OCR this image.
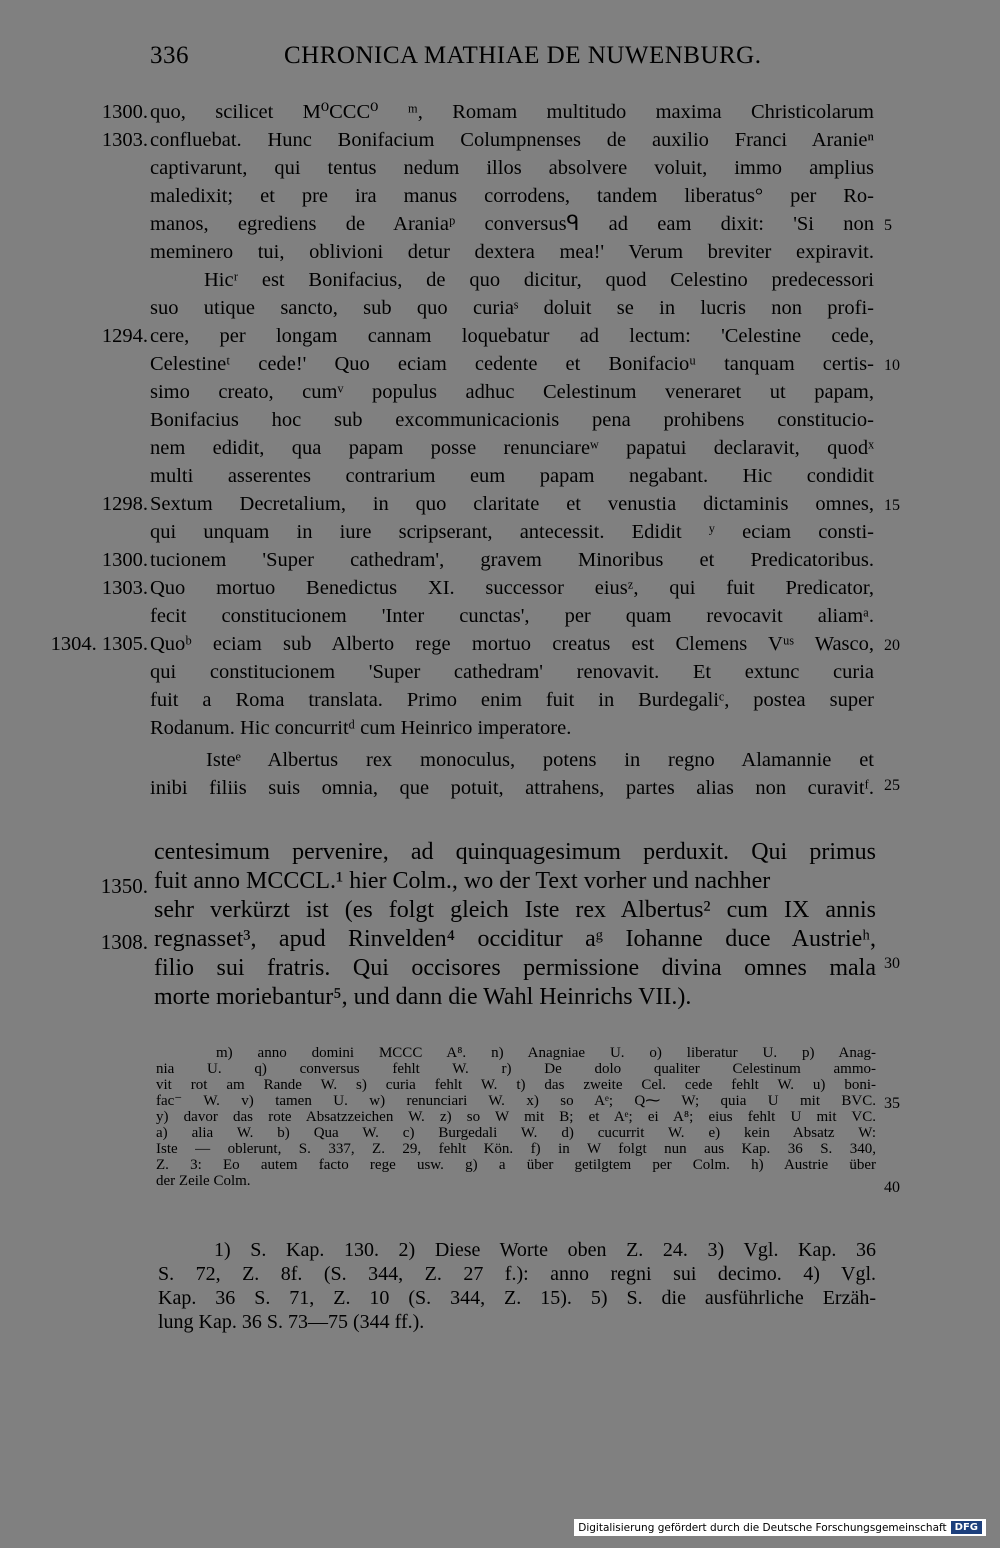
336	CHRONICA MATHIAE DE NUWENBURG.
quo, scilicet M⁰CCC⁰ ᵐ, Romam multitudo maxima Christicolarum
confluebat. Hunc Bonifacium Columpnenses de auxilio Franci Araniеⁿ
captivarunt, qui tentus nedum illos absolvere voluit, immo amplius
maledixit; et pre ira manus corrodens, tandem liberatus° per Ro-
manos, egrediens de Araniaᵖ conversusᑫ ad eam dixit: 'Si non
meminero tui, oblivioni detur dextera mea!' Verum breviter expiravit.
Hicʳ est Bonifacius, de quo dicitur, quod Celestino predecessori
suo utique sancto, sub quo curiaˢ doluit se in lucris non profi-
cere, per longam cannam loquebatur ad lectum: 'Celestine cede,
Celestineᵗ cede!' Quo eciam cedente et Bonifacioᵘ tanquam certis-
simo creato, cumᵛ populus adhuc Celestinum veneraret ut papam,
Bonifacius hoc sub excommunicacionis pena prohibens constitucio-
nem edidit, qua papam posse renunciareʷ papatui declaravit, quodˣ
multi asserentes contrarium eum papam negabant. Hic condidit
Sextum Decretalium, in quo claritate et venustia dictaminis omnes,
qui unquam in iure scripserant, antecessit. Edidit ʸ eciam consti-
tucionem 'Super cathedram', gravem Minoribus et Predicatoribus.
Quo mortuo Benedictus XI. successor eiusᶻ, qui fuit Predicator,
fecit constitucionem 'Inter cunctas', per quam revocavit aliamᵃ.
Quoᵇ eciam sub Alberto rege mortuo creatus est Clemens Vᵘˢ Wasco,
qui constitucionem 'Super cathedram' renovavit. Et extunc curia
fuit a Roma translata. Primo enim fuit in Burdegaliᶜ, postea super
Rodanum. Hic concurritᵈ cum Heinrico imperatore.
Isteᵉ Albertus rex monoculus, potens in regno Alamannie et
inibi filiis suis omnia, que potuit, attrahens, partes alias non curavitᶠ.
1300.
1303.
1294.
1298.
1300.
1303.
1304. 1305.
1350.
1308.
5
10
15
20
25
30
35
40
centesimum pervenire, ad quinquagesimum perduxit. Qui primus
fuit anno MCCCL.¹ hier Colm., wo der Text vorher und nachher
sehr verkürzt ist (es folgt gleich Iste rex Albertus² cum IX annis
regnasset³, apud Rinvelden⁴ occiditur aᵍ Iohanne duce Austrieʰ,
filio sui fratris. Qui occisores permissione divina omnes mala
morte moriebantur⁵, und dann die Wahl Heinrichs VII.).
m) anno domini MCCC A⁸. n) Anagniae U. o) liberatur U. p) Anag-
nia U. q) conversus fehlt W. r) De dolo qualiter Celestinum ammo-
vit rot am Rande W. s) curia fehlt W. t) das zweite Cel. cede fehlt W. u) boni-
fac⁻ W. v) tamen U. w) renunciari W. x) so Aᵉ; Q⁓ W; quia U mit BVC.
y) davor das rote Absatzzeichen W. z) so W mit B; et Aᵉ; ei A⁸; eius fehlt U mit VC.
a) alia W. b) Qua W. c) Burgedali W. d) cucurrit W. e) kein Absatz W:
Iste — oblerunt, S. 337, Z. 29, fehlt Kön. f) in W folgt nun aus Kap. 36 S. 340,
Z. 3: Eo autem facto rege usw. g) a über getilgtem per Colm. h) Austrie über
der Zeile Colm.
1) S. Kap. 130. 2) Diese Worte oben Z. 24. 3) Vgl. Kap. 36
S. 72, Z. 8f. (S. 344, Z. 27 f.): anno regni sui decimo. 4) Vgl.
Kap. 36 S. 71, Z. 10 (S. 344, Z. 15). 5) S. die ausführliche Erzäh-
lung Kap. 36 S. 73—75 (344 ff.).
Digitalisierung gefördert durch die Deutsche Forschungsgemeinschaft DFG
